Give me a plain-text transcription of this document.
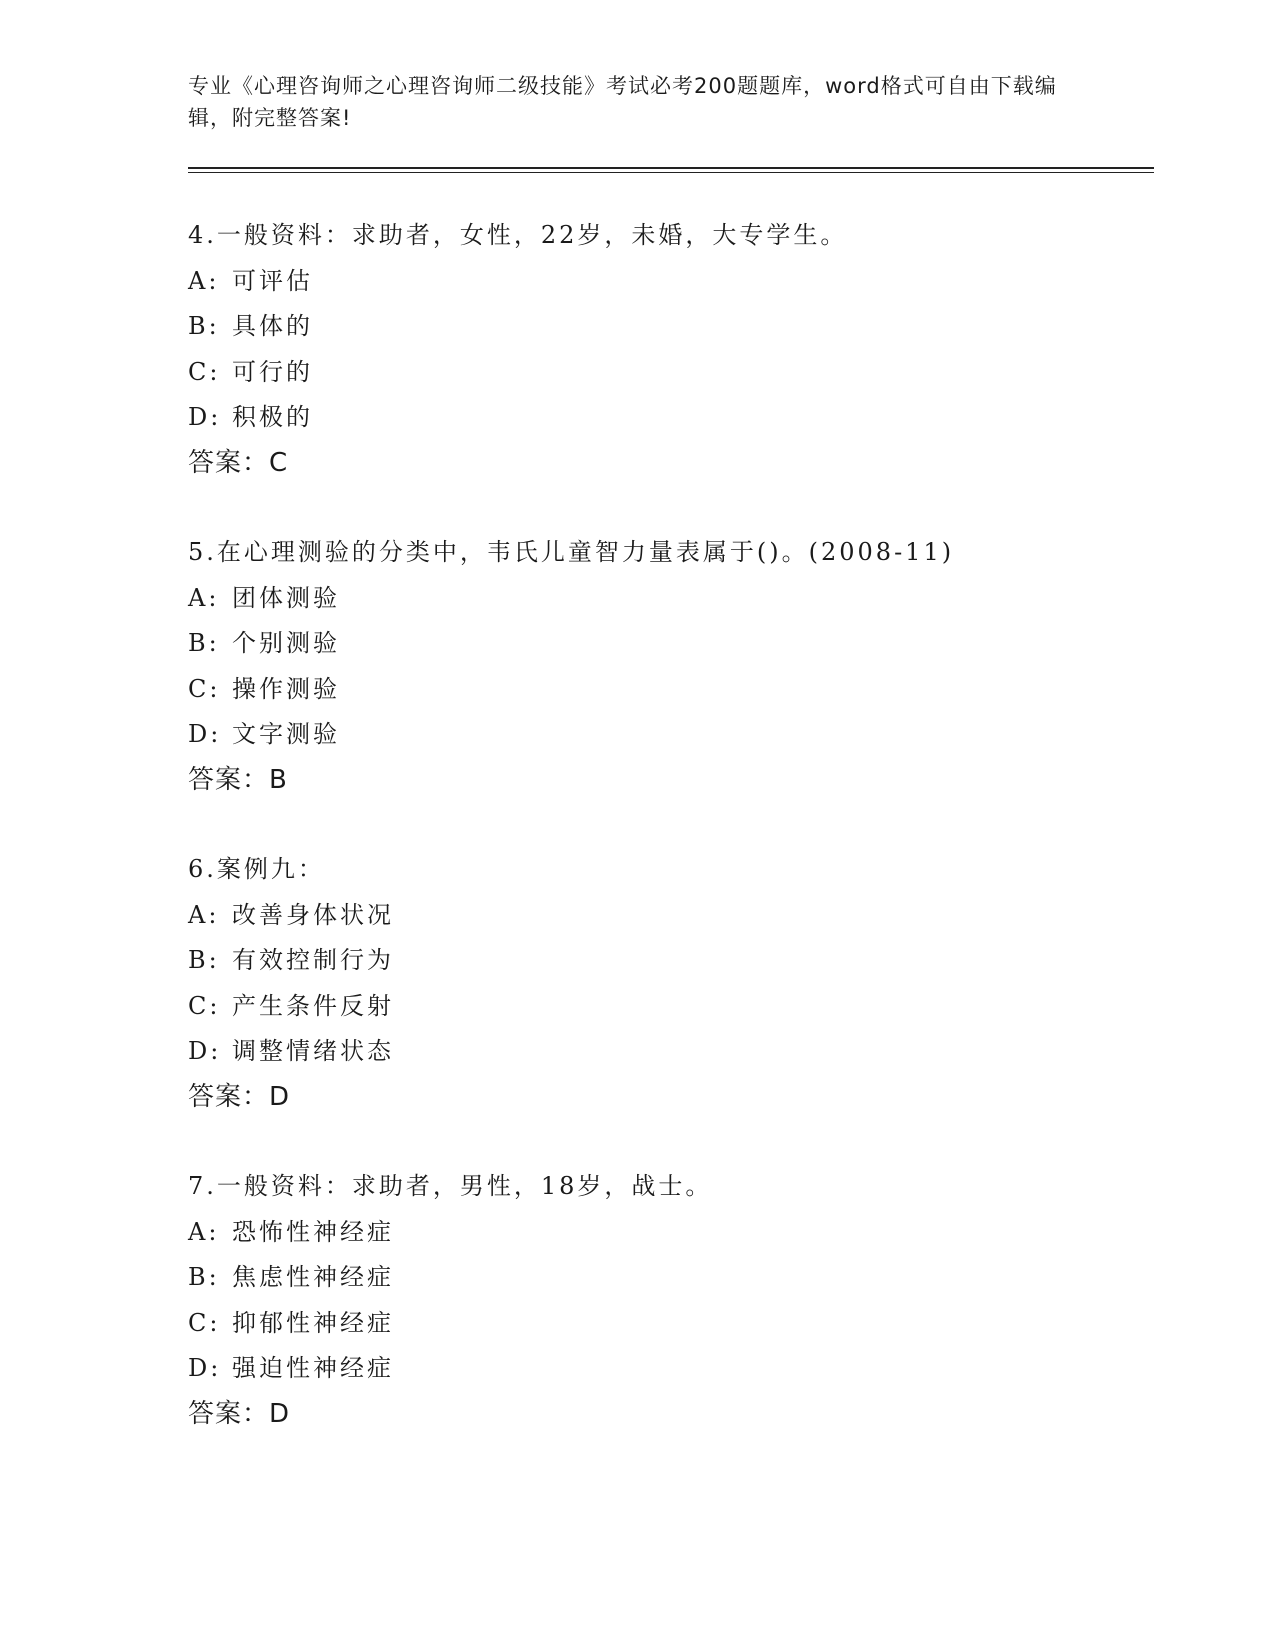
专业《心理咨询师之心理咨询师二级技能》考试必考200题题库，word格式可自由下载编辑，附完整答案!

4.一般资料：求助者，女性，22岁，未婚，大专学生。
A: 可评估
B: 具体的
C: 可行的
D: 积极的
答案：C
5.在心理测验的分类中，韦氏儿童智力量表属于()。(2008-11)
A: 团体测验
B: 个别测验
C: 操作测验
D: 文字测验
答案：B
6.案例九：
A: 改善身体状况
B: 有效控制行为
C: 产生条件反射
D: 调整情绪状态
答案：D
7.一般资料：求助者，男性，18岁，战士。
A: 恐怖性神经症
B: 焦虑性神经症
C: 抑郁性神经症
D: 强迫性神经症
答案：D
